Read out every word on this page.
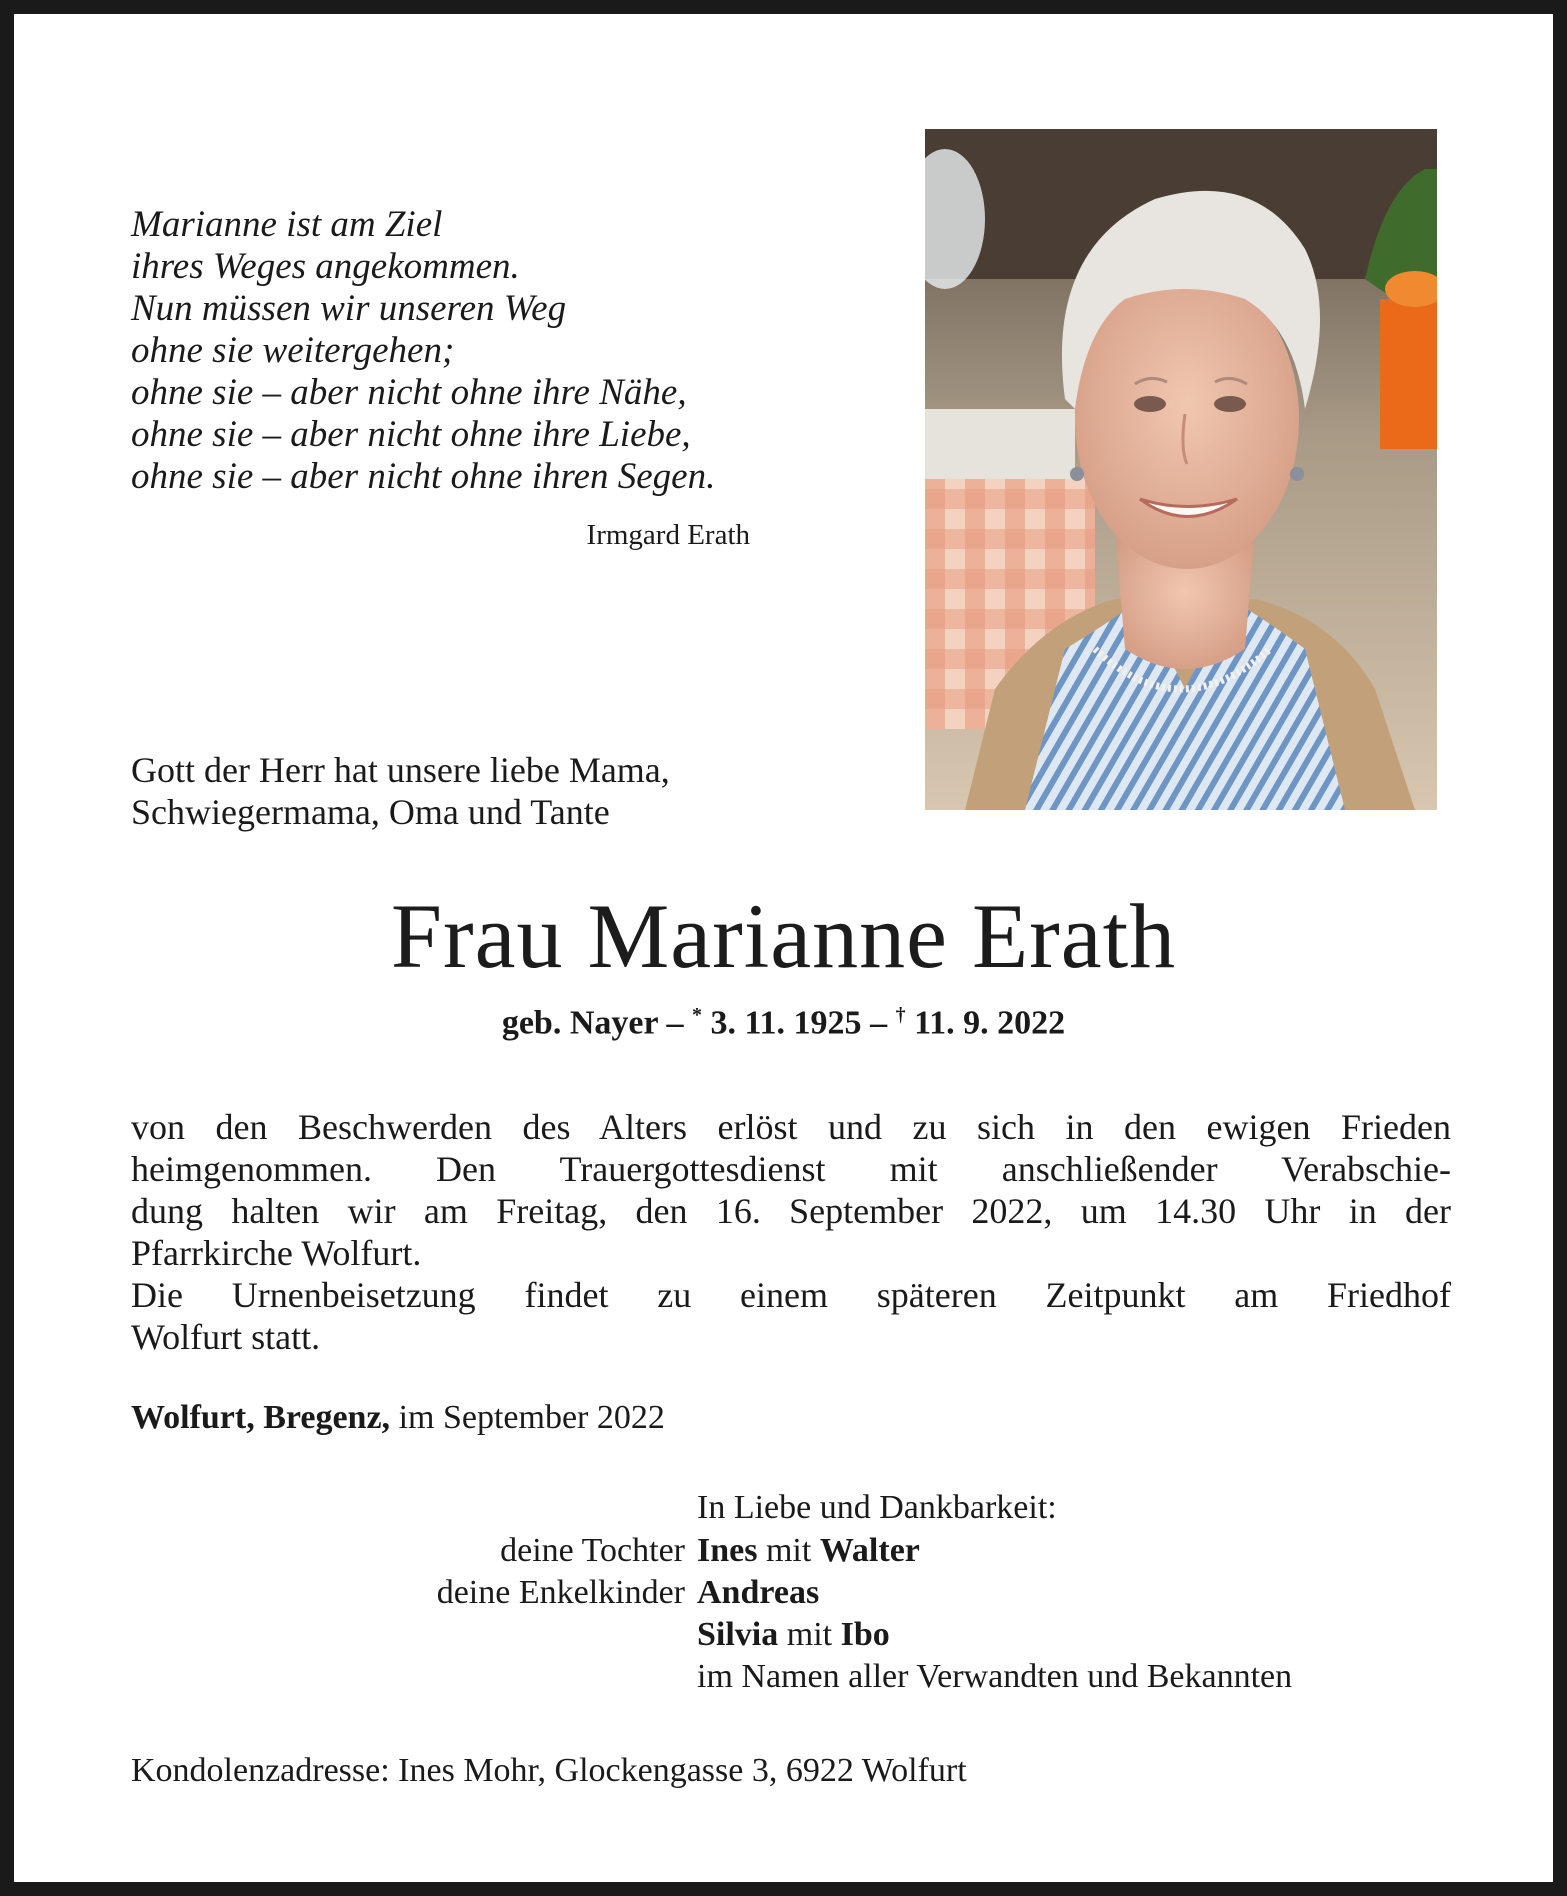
Marianne ist am Ziel
ihres Weges angekommen.
Nun müssen wir unseren Weg
ohne sie weitergehen;
ohne sie – aber nicht ohne ihre Nähe,
ohne sie – aber nicht ohne ihre Liebe,
ohne sie – aber nicht ohne ihren Segen.
Irmgard Erath
Gott der Herr hat unsere liebe Mama,
Schwiegermama, Oma und Tante
Frau Marianne Erath
geb. Nayer – * 3. 11. 1925 – † 11. 9. 2022
von den Beschwerden des Alters erlöst und zu sich in den ewigen Frieden
heimgenommen. Den Trauergottesdienst mit anschließender Verabschie-
dung halten wir am Freitag, den 16. September 2022, um 14.30 Uhr in der
Pfarrkirche Wolfurt.
Die Urnenbeisetzung findet zu einem späteren Zeitpunkt am Friedhof
Wolfurt statt.
Wolfurt, Bregenz, im September 2022
In Liebe und Dankbarkeit:
deine Tochter Ines mit Walter
deine Enkelkinder Andreas
Silvia mit Ibo
im Namen aller Verwandten und Bekannten
Kondolenzadresse: Ines Mohr, Glockengasse 3, 6922 Wolfurt
